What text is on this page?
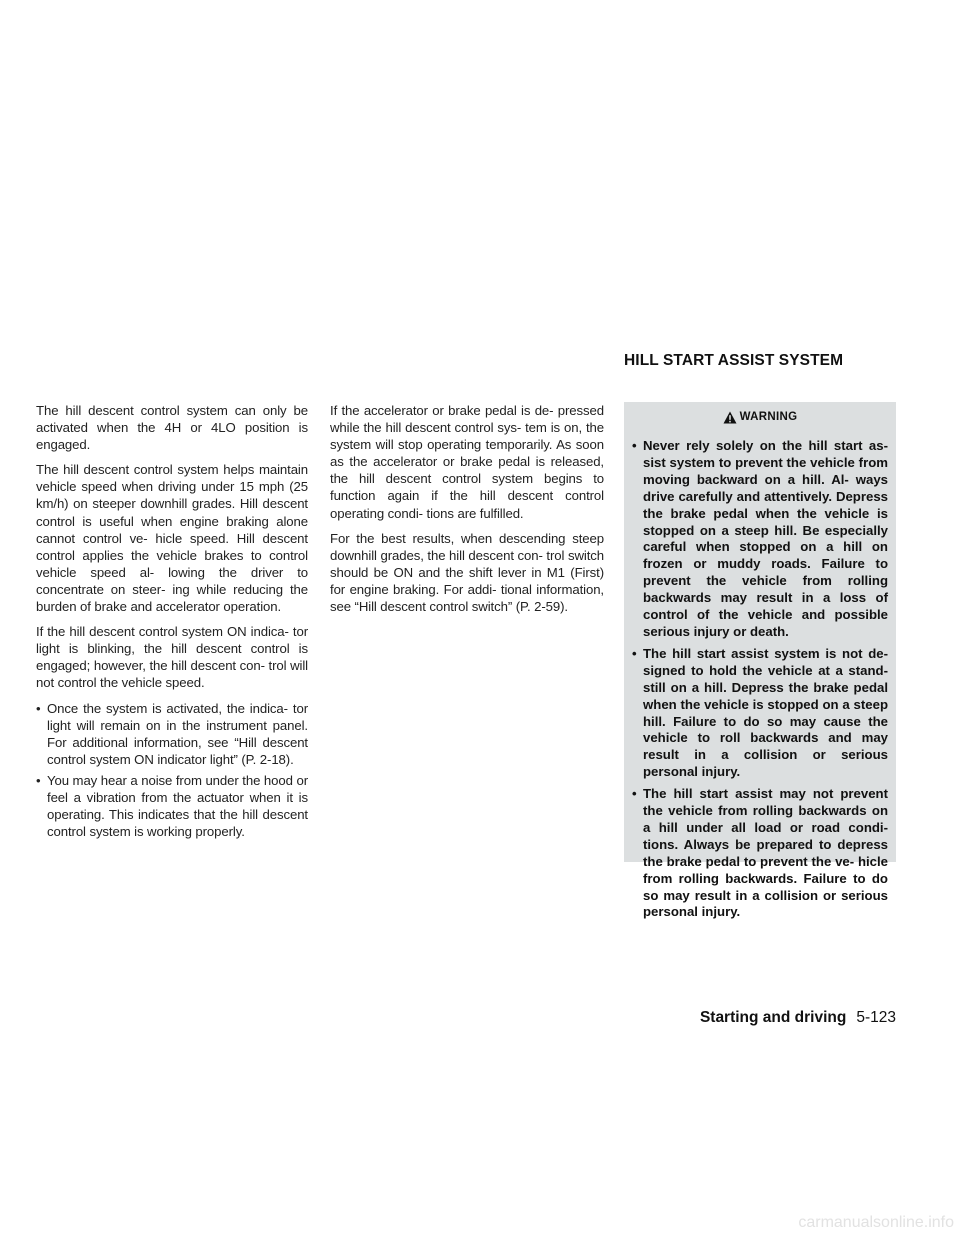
The hill descent control system can only be activated when the 4H or 4LO position is engaged.

The hill descent control system helps maintain vehicle speed when driving under 15 mph (25 km/h) on steeper downhill grades. Hill descent control is useful when engine braking alone cannot control ve- hicle speed. Hill descent control applies the vehicle brakes to control vehicle speed al- lowing the driver to concentrate on steer- ing while reducing the burden of brake and accelerator operation.

If the hill descent control system ON indica- tor light is blinking, the hill descent control is engaged; however, the hill descent con- trol will not control the vehicle speed.

• Once the system is activated, the indica- tor light will remain on in the instrument panel. For additional information, see “Hill descent control system ON indicator light” (P. 2-18).
• You may hear a noise from under the hood or feel a vibration from the actuator when it is operating. This indicates that the hill descent control system is working properly.

If the accelerator or brake pedal is de- pressed while the hill descent control sys- tem is on, the system will stop operating temporarily. As soon as the accelerator or brake pedal is released, the hill descent control system begins to function again if the hill descent control operating condi- tions are fulfilled.

For the best results, when descending steep downhill grades, the hill descent con- trol switch should be ON and the shift lever in M1 (First) for engine braking. For addi- tional information, see “Hill descent control switch” (P. 2-59).

HILL START ASSIST SYSTEM
WARNING
• Never rely solely on the hill start as- sist system to prevent the vehicle from moving backward on a hill. Al- ways drive carefully and attentively. Depress the brake pedal when the vehicle is stopped on a steep hill. Be especially careful when stopped on a hill on frozen or muddy roads. Failure to prevent the vehicle from rolling backwards may result in a loss of control of the vehicle and possible serious injury or death.
• The hill start assist system is not de- signed to hold the vehicle at a stand- still on a hill. Depress the brake pedal when the vehicle is stopped on a steep hill. Failure to do so may cause the vehicle to roll backwards and may result in a collision or serious personal injury.
• The hill start assist may not prevent the vehicle from rolling backwards on a hill under all load or road condi- tions. Always be prepared to depress the brake pedal to prevent the ve- hicle from rolling backwards. Failure to do so may result in a collision or serious personal injury.
Starting and driving 5-123
carmanualsonline.info
